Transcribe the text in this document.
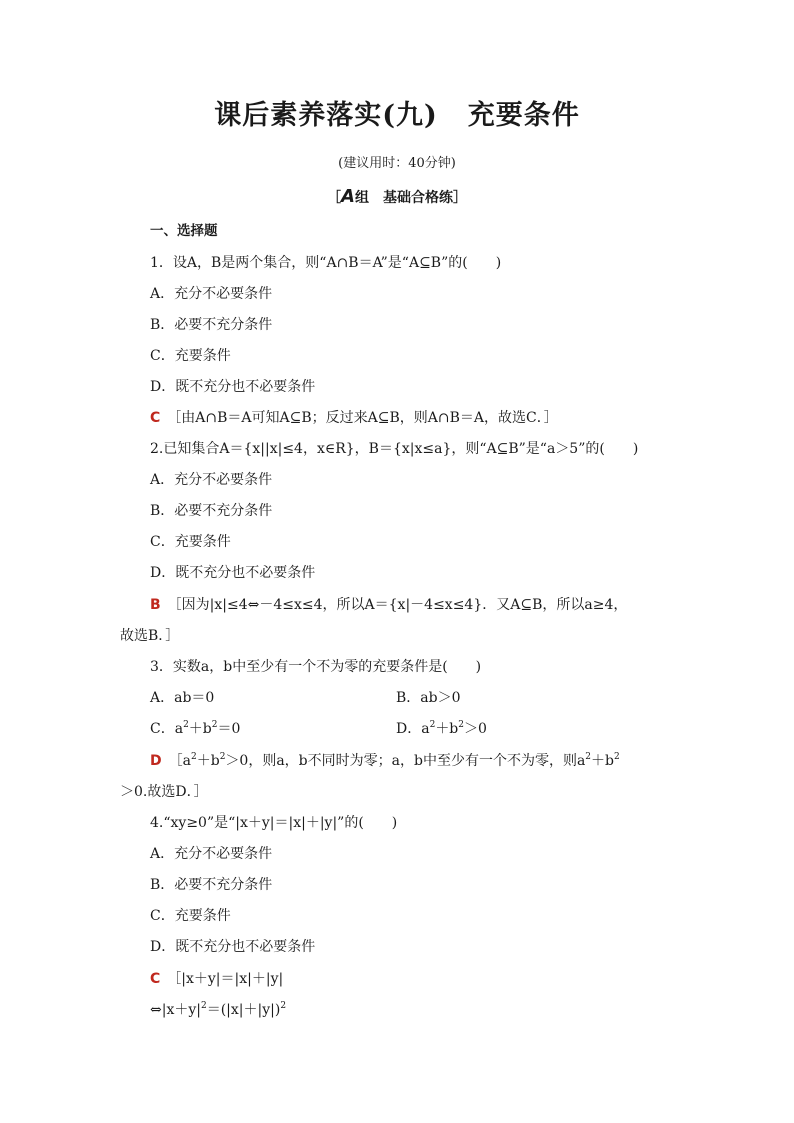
课后素养落实(九) 充要条件
(建议用时：40分钟)
［A组　基础合格练］
一、选择题
1．设A，B是两个集合，则“A∩B＝A”是“A⊆B”的(　　)
A．充分不必要条件
B．必要不充分条件
C．充要条件
D．既不充分也不必要条件
C　 ［由A∩B＝A可知A⊆B；反过来A⊆B，则A∩B＝A，故选C．］
2.已知集合A＝{x||x|≤4，x∈R}，B＝{x|x≤a}，则“A⊆B”是“a＞5”的(　　)
A．充分不必要条件
B．必要不充分条件
C．充要条件
D．既不充分也不必要条件
B　 ［因为|x|≤4⇔－4≤x≤4，所以A＝{x|－4≤x≤4}．又A⊆B，所以a≥4，
故选B．］
3．实数a，b中至少有一个不为零的充要条件是(　　)
A．ab＝0	B．ab＞0
C．$a^2+b^2=0$	D．$a^2+b^2>0$
D　 $[a^2+b^2>0$，则a，b不同时为零；a，b中至少有一个不为零，则$a^2+b^2$
＞0.故选D．］
4.“xy≥0”是“|x＋y|＝|x|＋|y|”的(　　)
A．充分不必要条件
B．必要不充分条件
C．充要条件
D．既不充分也不必要条件
C　 ［|x＋y|＝|x|＋|y|
$\Leftrightarrow|x+y|^2=(|x|+|y|)^2$
